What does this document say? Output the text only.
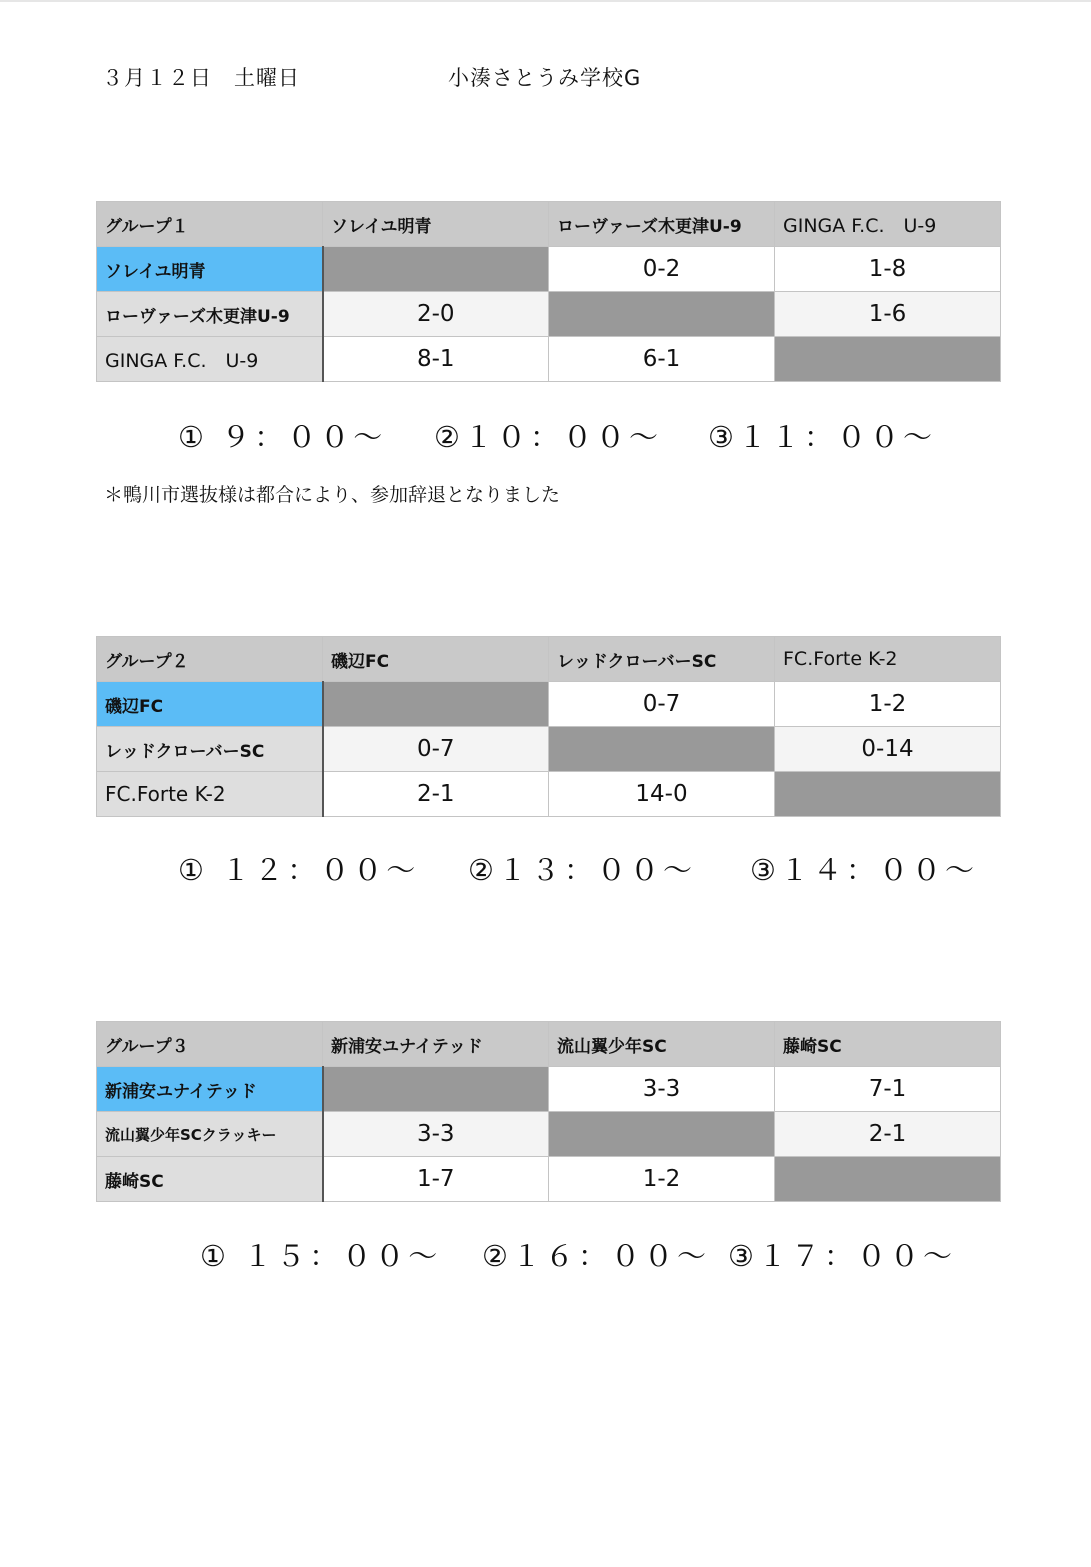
３月１２日　土曜日	小湊さとうみ学校G
グループ１	ソレイユ明青	ローヴァーズ木更津U-9	GINGA F.C.　U-9
ソレイユ明青		0-2	1-8
ローヴァーズ木更津U-9	2-0		1-6
GINGA F.C.　U-9	8-1	6-1	
① ９：００～ ②１０：００～ ③１１：００～
＊鴨川市選抜様は都合により、参加辞退となりました
グループ２	磯辺FC	レッドクローバーSC	FC.Forte K-2
磯辺FC		0-7	1-2
レッドクローバーSC	0-7		0-14
FC.Forte K-2	2-1	14-0	
① １２：００～ ②１３：００～ ③１４：００～
グループ３	新浦安ユナイテッド	流山翼少年SC	藤崎SC
新浦安ユナイテッド		3-3	7-1
流山翼少年SCクラッキー	3-3		2-1
藤崎SC	1-7	1-2	
① １５：００～ ②１６：００～ ③１７：００～
